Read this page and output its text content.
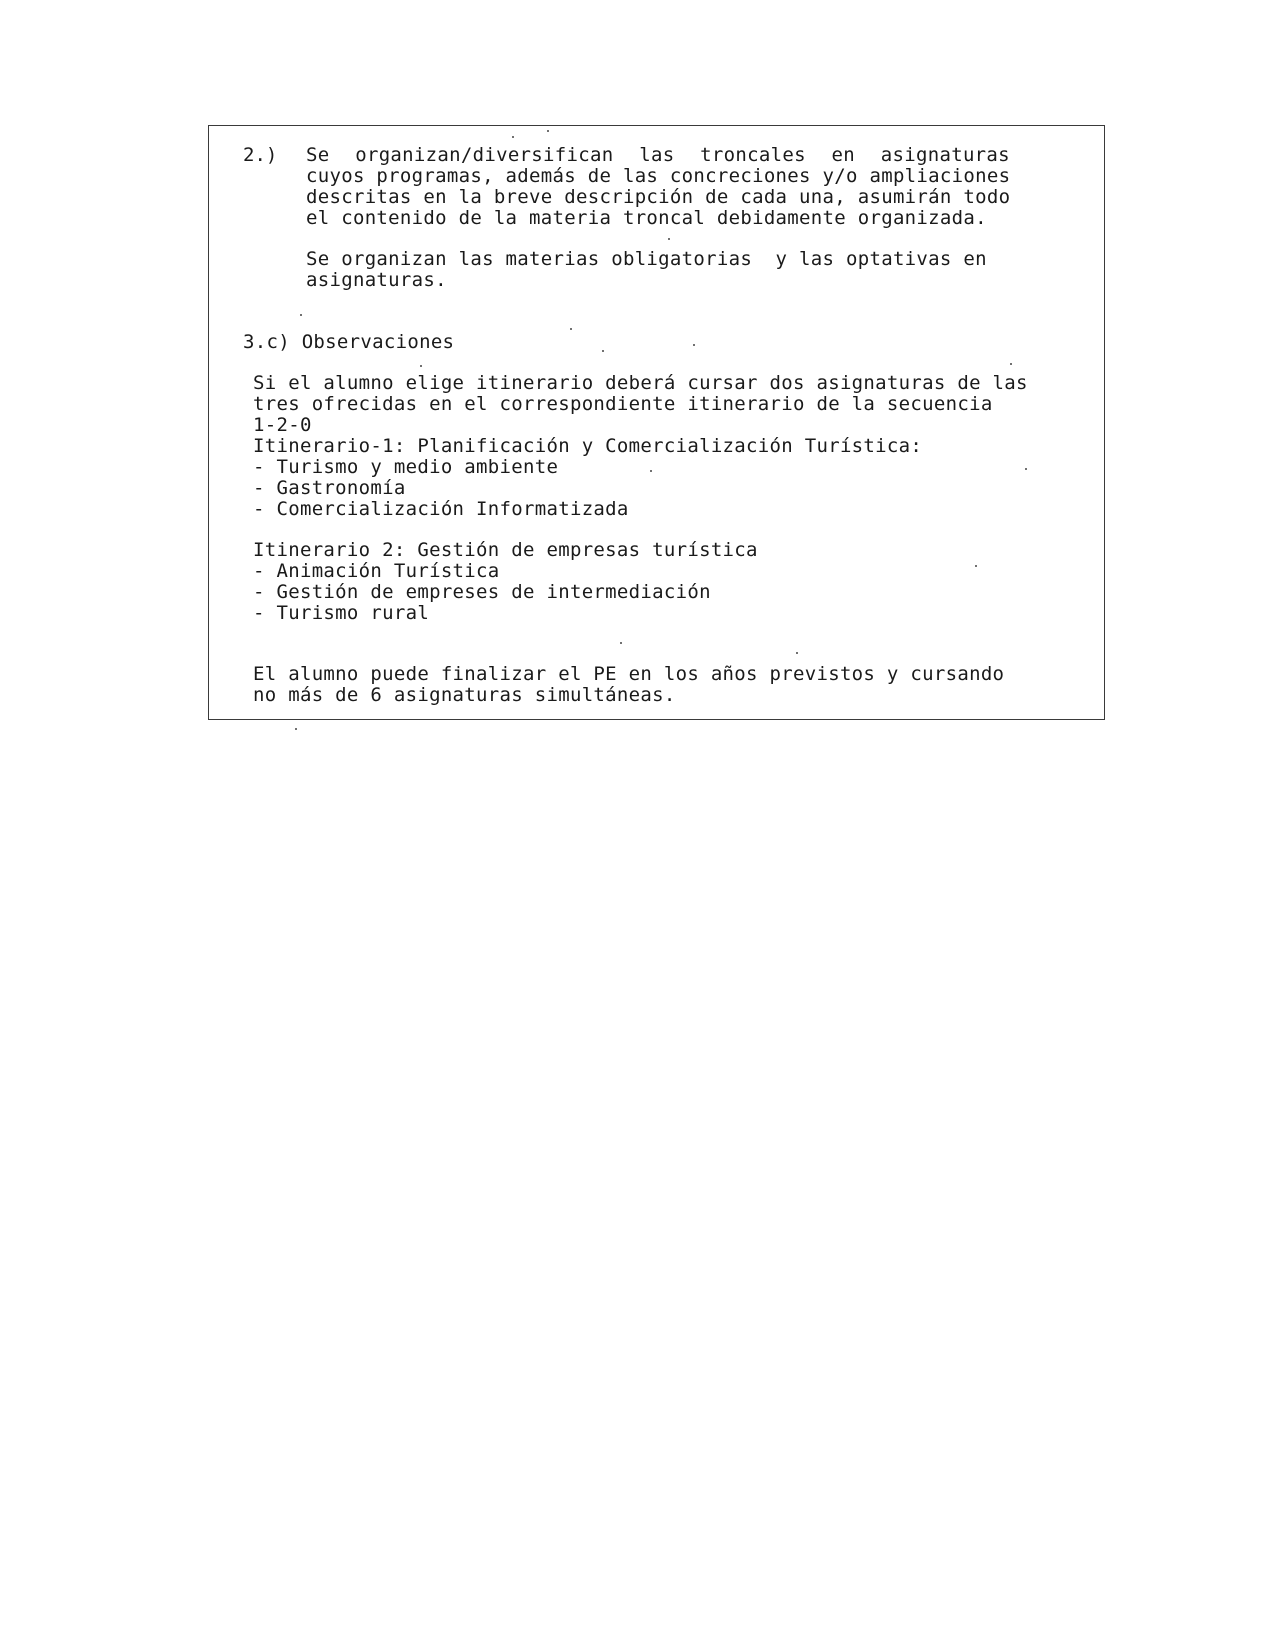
2.) Se organizan/diversifican las troncales en asignaturas
cuyos programas, además de las concreciones y/o ampliaciones
descritas en la breve descripción de cada una, asumirán todo
el contenido de la materia troncal debidamente organizada.
Se organizan las materias obligatorias  y las optativas en
asignaturas.
3.c) Observaciones
Si el alumno elige itinerario deberá cursar dos asignaturas de las
tres ofrecidas en el correspondiente itinerario de la secuencia
1-2-0
Itinerario-1: Planificación y Comercialización Turística:
- Turismo y medio ambiente
- Gastronomía
- Comercialización Informatizada
Itinerario 2: Gestión de empresas turística
- Animación Turística
- Gestión de empreses de intermediación
- Turismo rural
El alumno puede finalizar el PE en los años previstos y cursando
no más de 6 asignaturas simultáneas.
